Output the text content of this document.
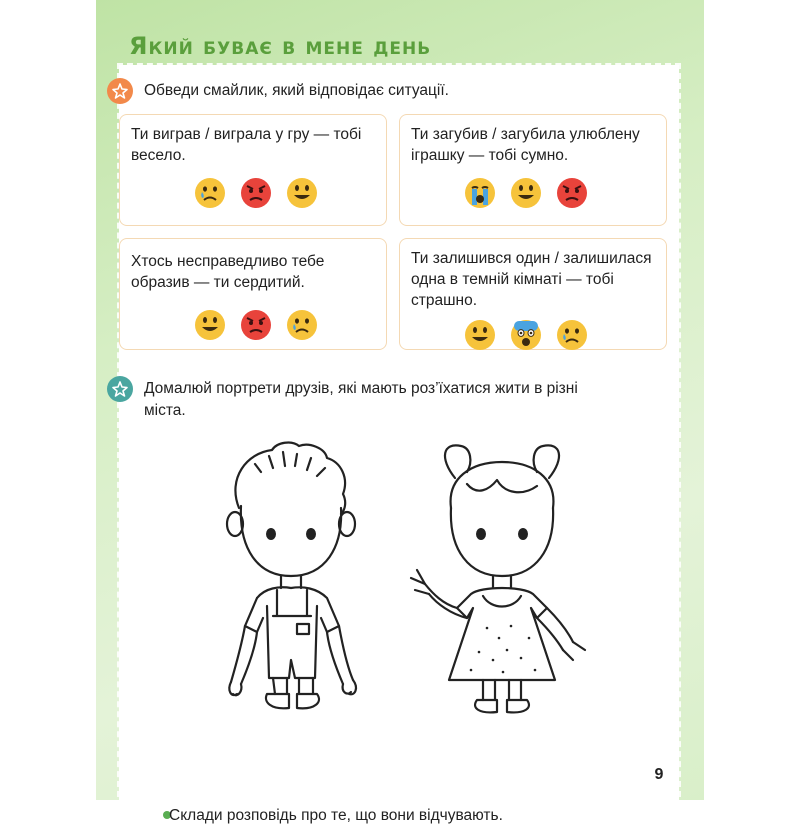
Який буває в мене день
Обведи смайлик, який відповідає ситуації.
Ти виграв / виграла у гру — тобі весело.
Ти загубив / загубила улюблену іграшку — тобі сумно.
Хтось несправедливо тебе образив — ти сердитий.
Ти залишився один / залишилася одна в темній кімнаті — тобі страшно.
Домалюй портрети друзів, які мають роз’їхатися жити в різні
міста.
Склади розповідь про те, що вони відчувають.
9
